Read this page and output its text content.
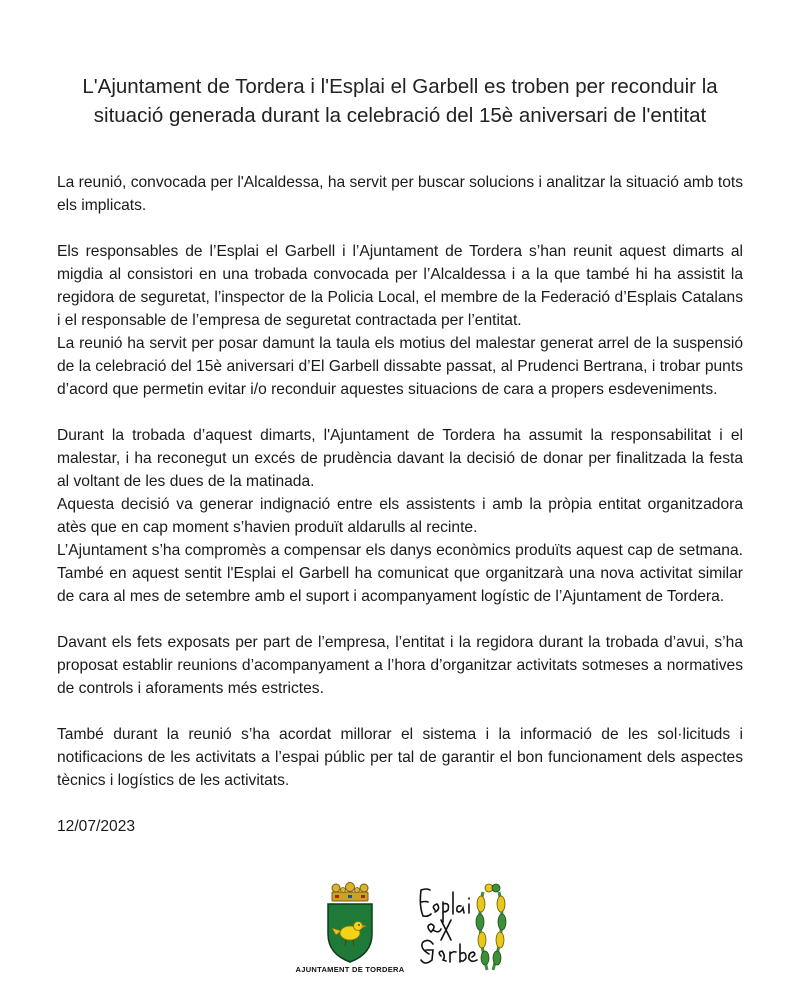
L'Ajuntament de Tordera i l'Esplai el Garbell es troben per reconduir la
situació generada durant la celebració del 15è aniversari de l'entitat

La reunió, convocada per l'Alcaldessa, ha servit per buscar solucions i analitzar la situació amb tots els implicats.

Els responsables de l’Esplai el Garbell i l’Ajuntament de Tordera s’han reunit aquest dimarts al migdia al consistori en una trobada convocada per l’Alcaldessa i a la que també hi ha assistit la regidora de seguretat, l’inspector de la Policia Local, el membre de la Federació d’Esplais Catalans i el responsable de l’empresa de seguretat contractada per l’entitat.

La reunió ha servit per posar damunt la taula els motius del malestar generat arrel de la suspensió de la celebració del 15è aniversari d’El Garbell dissabte passat, al Prudenci Bertrana, i trobar punts d’acord que permetin evitar i/o reconduir aquestes situacions de cara a propers esdeveniments.

Durant la trobada d’aquest dimarts, l'Ajuntament de Tordera ha assumit la responsabilitat i el malestar, i ha reconegut un excés de prudència davant la decisió de donar per finalitzada la festa al voltant de les dues de la matinada.

Aquesta decisió va generar indignació entre els assistents i amb la pròpia entitat organitzadora atès que en cap moment s’havien produït aldarulls al recinte.

L’Ajuntament s’ha compromès a compensar els danys econòmics produïts aquest cap de setmana. També en aquest sentit l'Esplai el Garbell ha comunicat que organitzarà una nova activitat similar de cara al mes de setembre amb el suport i acompanyament logístic de l’Ajuntament de Tordera.

Davant els fets exposats per part de l’empresa, l’entitat i la regidora durant la trobada d’avui, s’ha proposat establir reunions d’acompanyament a l’hora d’organitzar activitats sotmeses a normatives de controls i aforaments més estrictes.

També durant la reunió s’ha acordat millorar el sistema i la informació de les sol·licituds i notificacions de les activitats a l’espai públic per tal de garantir el bon funcionament dels aspectes tècnics i logístics de les activitats.

12/07/2023
AJUNTAMENT DE TORDERA
